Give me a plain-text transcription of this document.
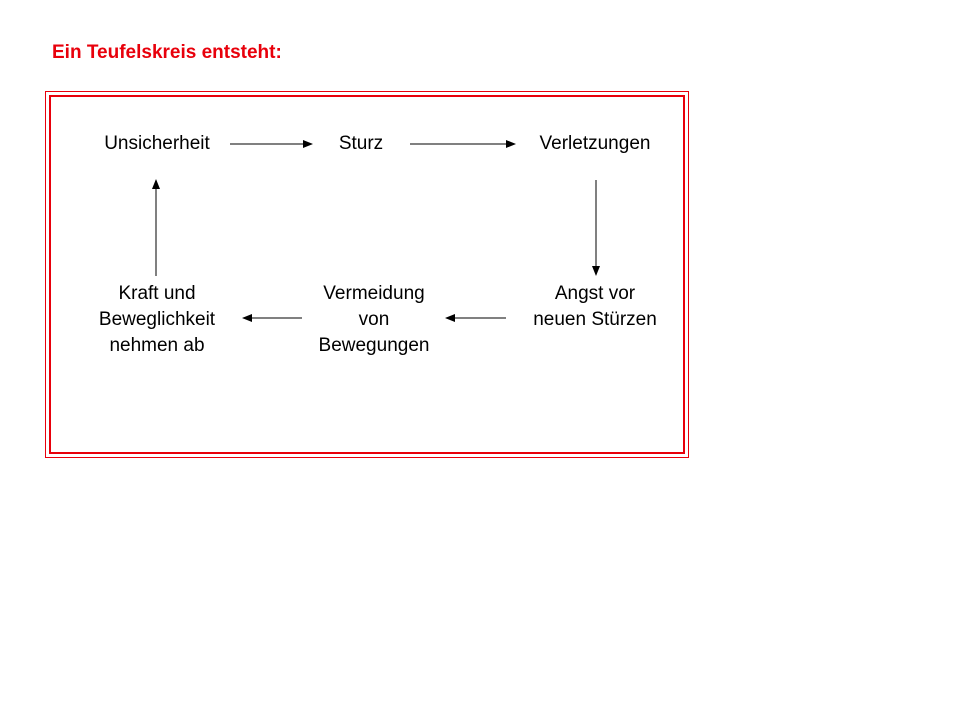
Ein Teufelskreis entsteht:
Unsicherheit	Sturz	Verletzungen
Angst vor
neuen Stürzen
Vermeidung
von
Bewegungen
Kraft und
Beweglichkeit
nehmen ab
